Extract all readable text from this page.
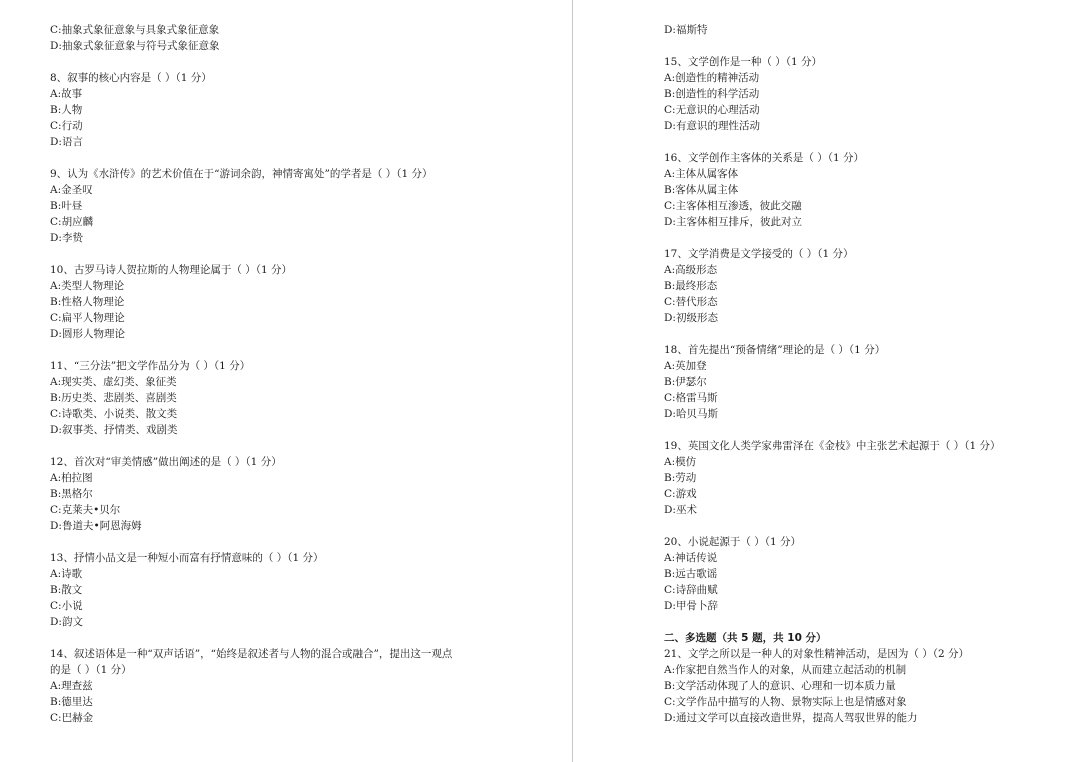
C:抽象式象征意象与具象式象征意象
D:抽象式象征意象与符号式象征意象
8、叙事的核心内容是（ ）（1 分）
A:故事
B:人物
C:行动
D:语言
9、认为《水浒传》的艺术价值在于“游词余韵，神情寄寓处”的学者是（ ）（1 分）
A:金圣叹
B:叶昼
C:胡应麟
D:李贽
10、古罗马诗人贺拉斯的人物理论属于（ ）（1 分）
A:类型人物理论
B:性格人物理论
C:扁平人物理论
D:圆形人物理论
11、“三分法”把文学作品分为（ ）（1 分）
A:现实类、虚幻类、象征类
B:历史类、悲剧类、喜剧类
C:诗歌类、小说类、散文类
D:叙事类、抒情类、戏剧类
12、首次对“审美情感”做出阐述的是（ ）（1 分）
A:柏拉图
B:黑格尔
C:克莱夫•贝尔
D:鲁道夫•阿恩海姆
13、抒情小品文是一种短小而富有抒情意味的（ ）（1 分）
A:诗歌
B:散文
C:小说
D:韵文
14、叙述语体是一种“双声话语”，“始终是叙述者与人物的混合或融合”，提出这一观点
的是（ ）（1 分）
A:理查兹
B:德里达
C:巴赫金
D:福斯特
15、文学创作是一种（ ）（1 分）
A:创造性的精神活动
B:创造性的科学活动
C:无意识的心理活动
D:有意识的理性活动
16、文学创作主客体的关系是（ ）（1 分）
A:主体从属客体
B:客体从属主体
C:主客体相互渗透，彼此交融
D:主客体相互排斥，彼此对立
17、文学消费是文学接受的（ ）（1 分）
A:高级形态
B:最终形态
C:替代形态
D:初级形态
18、首先提出“预备情绪”理论的是（ ）（1 分）
A:英加登
B:伊瑟尔
C:格雷马斯
D:哈贝马斯
19、英国文化人类学家弗雷泽在《金枝》中主张艺术起源于（ ）（1 分）
A:模仿
B:劳动
C:游戏
D:巫术
20、小说起源于（ ）（1 分）
A:神话传说
B:远古歌谣
C:诗辞曲赋
D:甲骨卜辞
二、多选题（共 5 题，共 10 分）
21、文学之所以是一种人的对象性精神活动，是因为（ ）（2 分）
A:作家把自然当作人的对象，从而建立起活动的机制
B:文学活动体现了人的意识、心理和一切本质力量
C:文学作品中描写的人物、景物实际上也是情感对象
D:通过文学可以直接改造世界，提高人驾驭世界的能力
